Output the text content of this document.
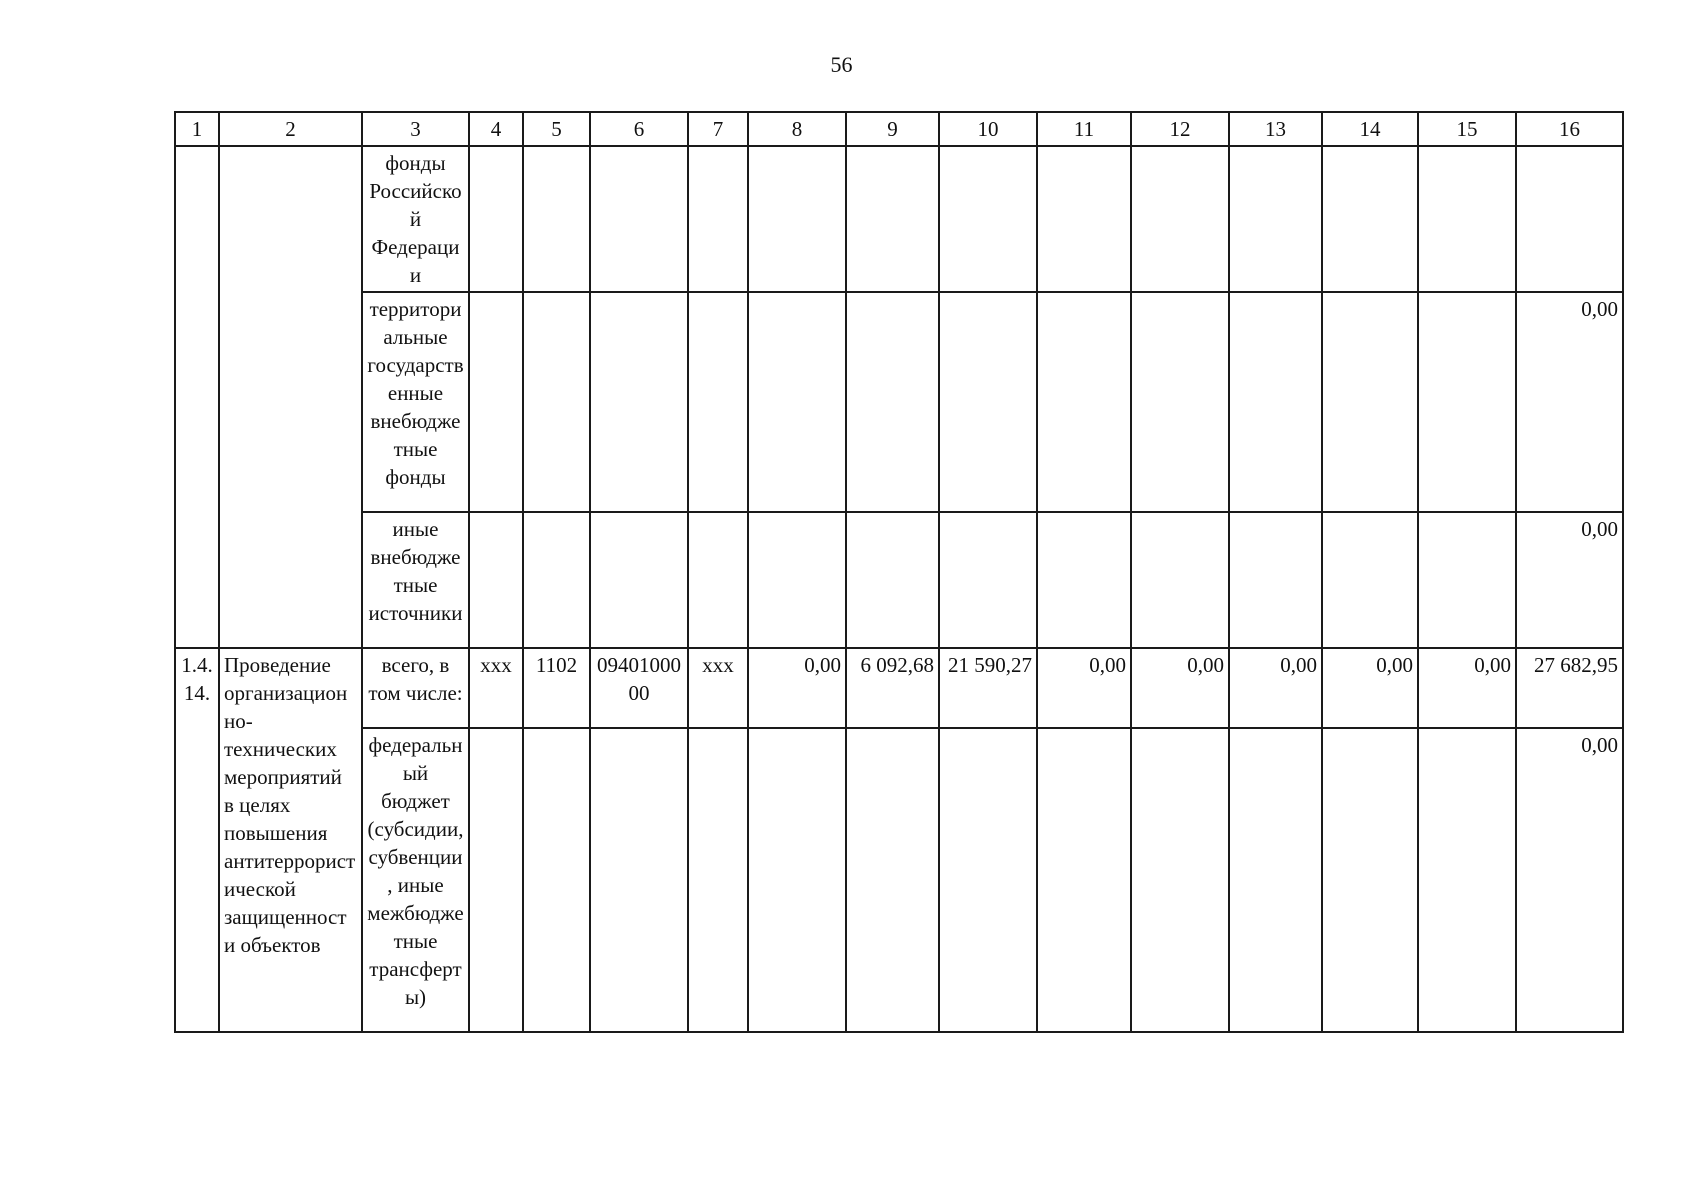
56
1	2	3	4	5	6	7	8	9	10	11	12	13	14	15	16
		фонды Российской Федерации													
		территориальные государственные внебюджетные фонды													0,00
		иные внебюджетные источники													0,00
1.4.14.	Проведение организационно-технических мероприятий в целях повышения антитеррористической защищенности объектов	всего, в том числе:	ххх	1102	0940100000	ххх	0,00	6 092,68	21 590,27	0,00	0,00	0,00	0,00	0,00	27 682,95
		федеральный бюджет (субсидии, субвенции, иные межбюджетные трансферты)													0,00
